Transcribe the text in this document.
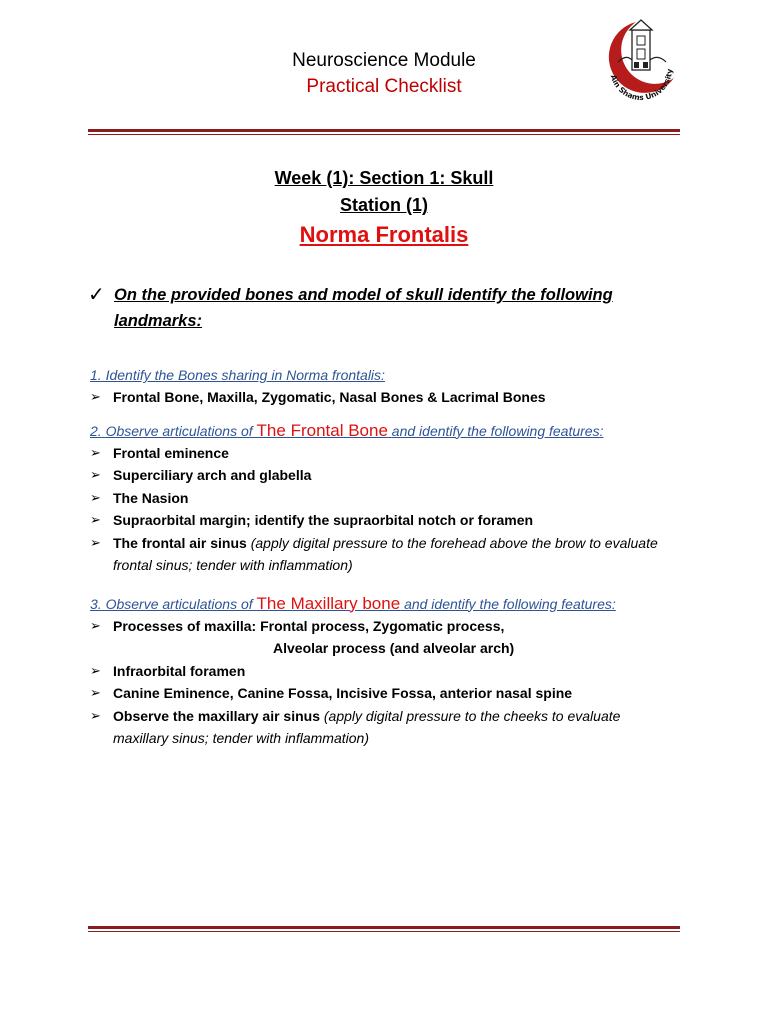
Neuroscience Module
Practical Checklist	Ain Shams University
Week (1): Section 1: Skull
Station (1)
Norma Frontalis
✓ On the provided bones and model of skull identify the following landmarks:
1. Identify the Bones sharing in Norma frontalis:
➢ Frontal Bone, Maxilla, Zygomatic, Nasal Bones & Lacrimal Bones
2. Observe articulations of The Frontal Bone and identify the following features:
➢ Frontal eminence
➢ Superciliary arch and glabella
➢ The Nasion
➢ Supraorbital margin; identify the supraorbital notch or foramen
➢ The frontal air sinus (apply digital pressure to the forehead above the brow to evaluate frontal sinus; tender with inflammation)
3. Observe articulations of The Maxillary bone and identify the following features:
➢ Processes of maxilla: Frontal process, Zygomatic process,
Alveolar process (and alveolar arch)
➢ Infraorbital foramen
➢ Canine Eminence, Canine Fossa, Incisive Fossa, anterior nasal spine
➢ Observe the maxillary air sinus (apply digital pressure to the cheeks to evaluate maxillary sinus; tender with inflammation)
